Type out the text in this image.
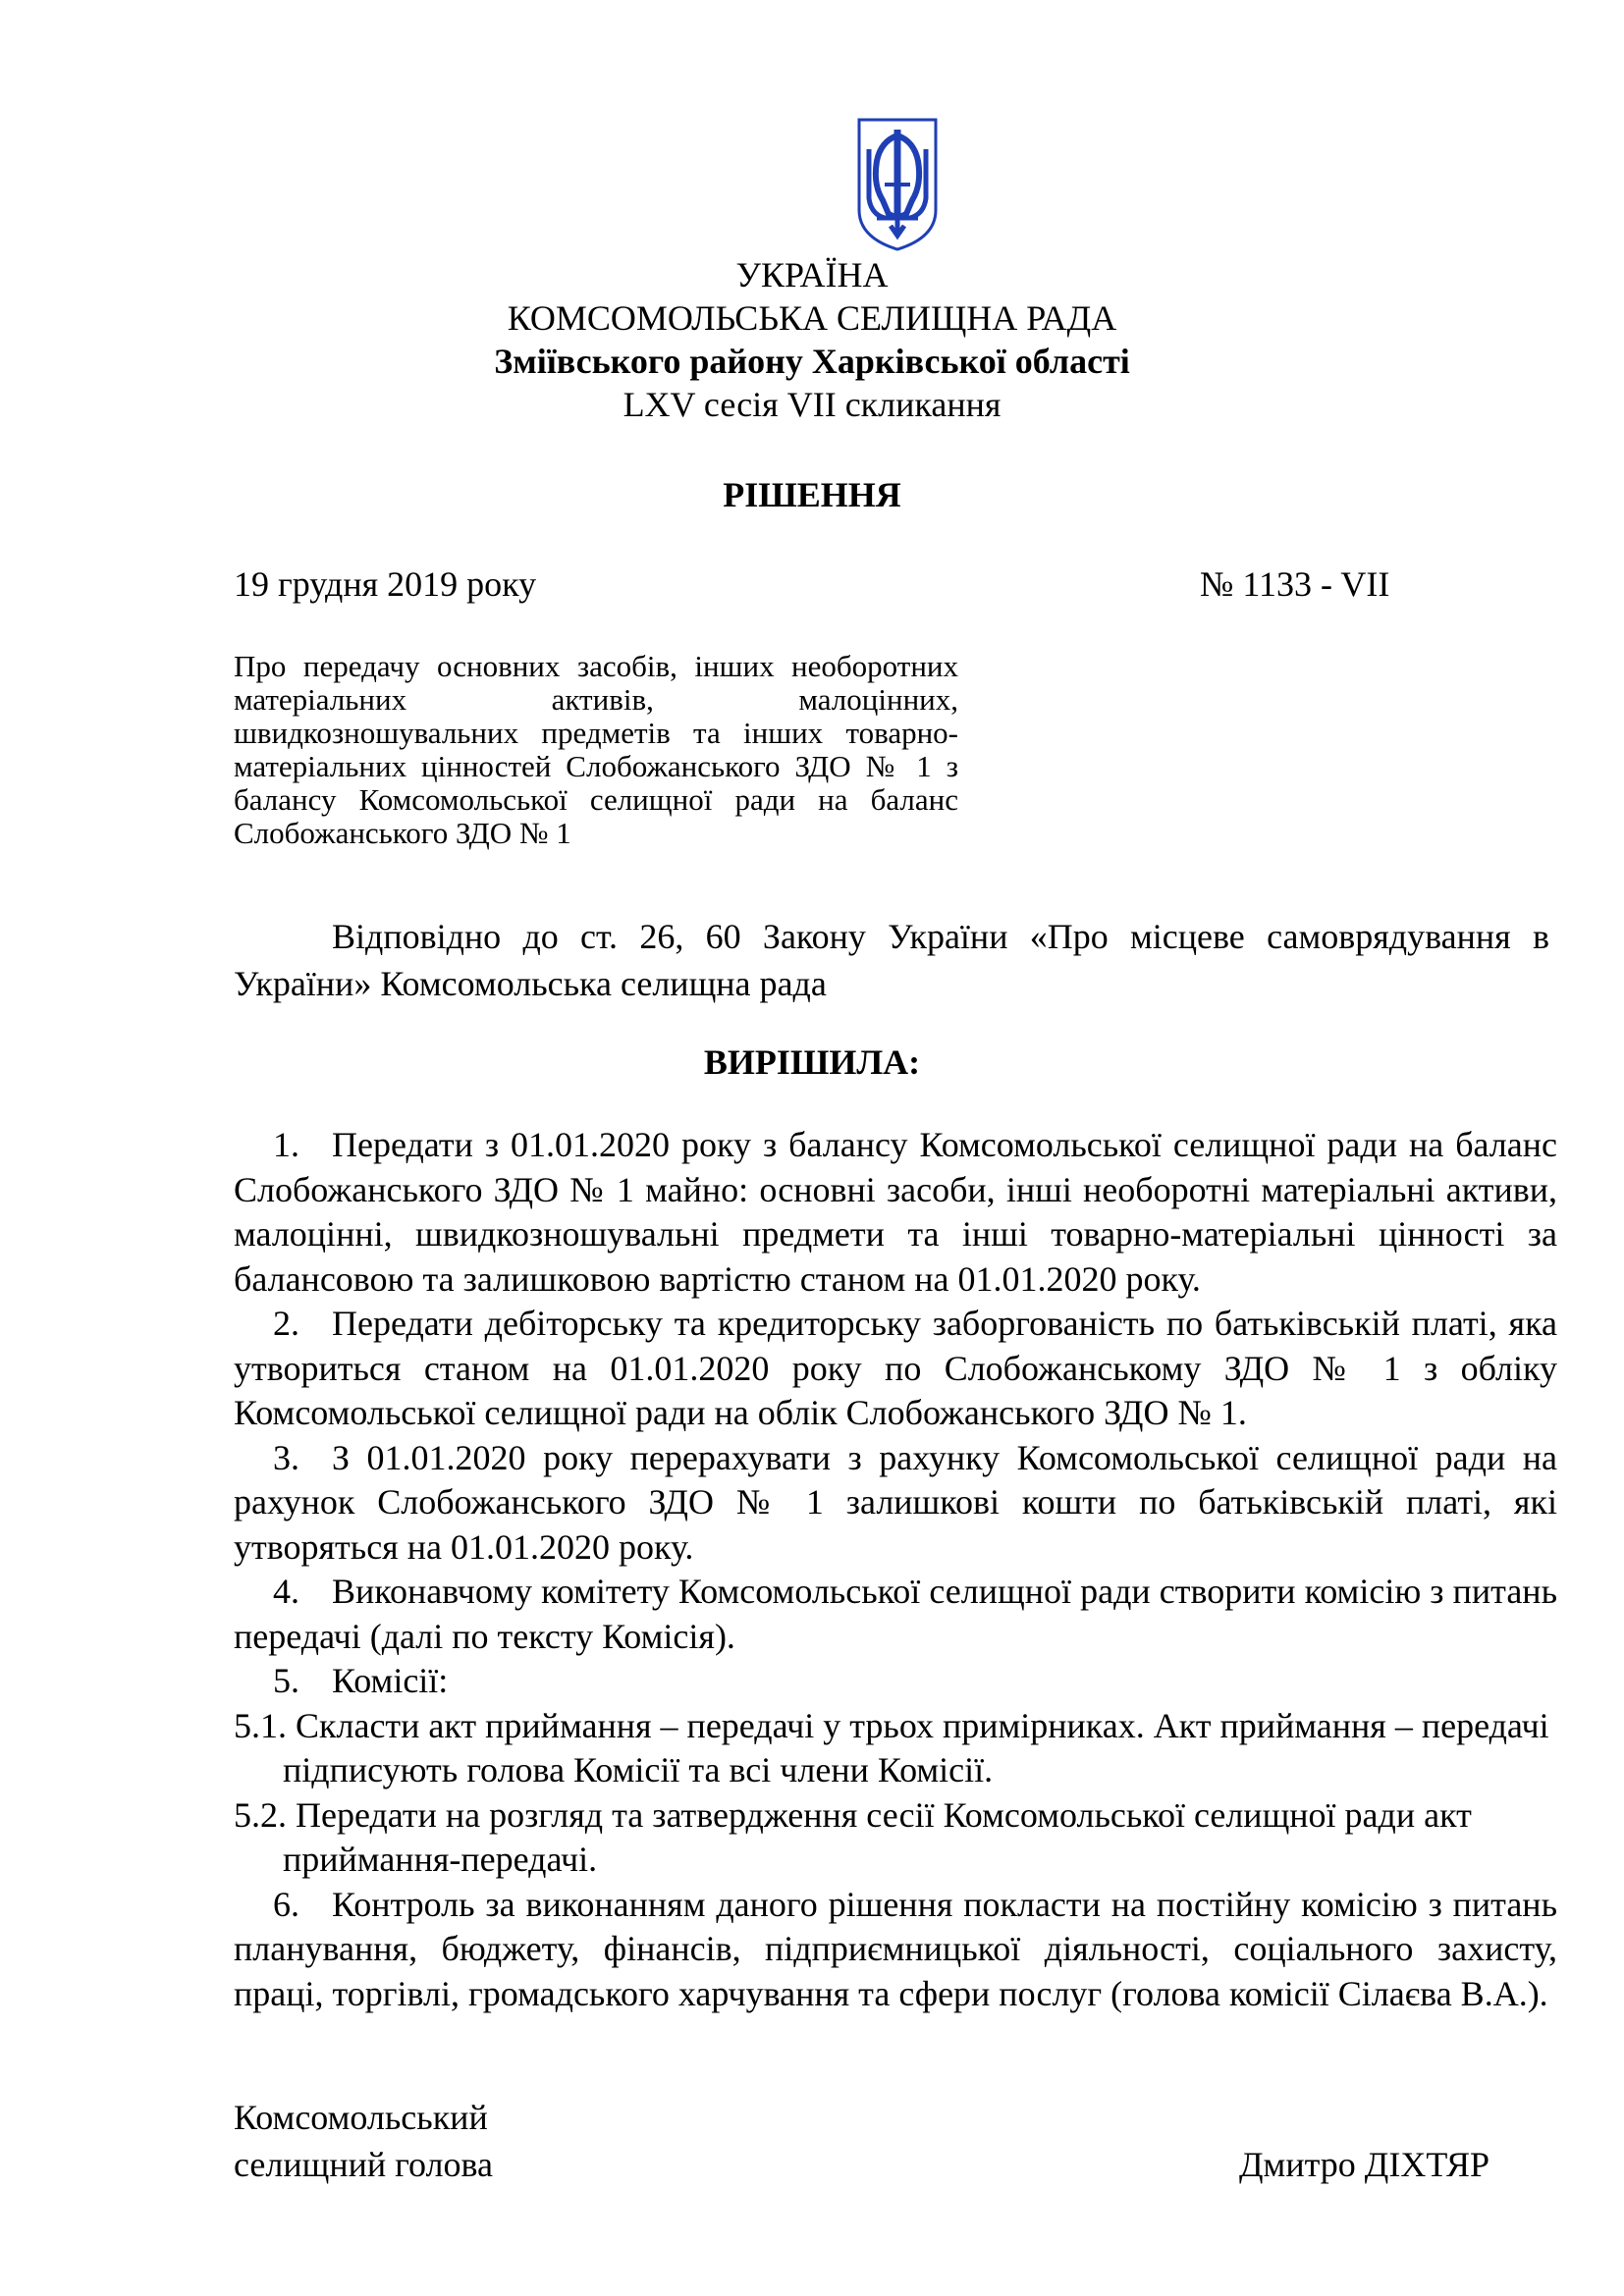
УКРАЇНА
КОМСОМОЛЬСЬКА СЕЛИЩНА РАДА
Зміївського району Харківської області
LXV сесія VII скликання
РІШЕННЯ
19 грудня 2019 року	№ 1133 - VII
Про передачу основних засобів, інших необоротних матеріальних активів, малоцінних, швидкозношувальних предметів та інших товарно-матеріальних цінностей Слобожанського ЗДО № 1 з балансу Комсомольської селищної ради на баланс Слобожанського ЗДО № 1
Відповідно до ст. 26, 60 Закону України «Про місцеве самоврядування в України» Комсомольська селищна рада
ВИРІШИЛА:

1. Передати з 01.01.2020 року з балансу Комсомольської селищної ради на баланс Слобожанського ЗДО № 1 майно: основні засоби, інші необоротні матеріальні активи, малоцінні, швидкозношувальні предмети та інші товарно-матеріальні цінності за балансовою та залишковою вартістю станом на 01.01.2020 року.

2. Передати дебіторську та кредиторську заборгованість по батьківській платі, яка утвориться станом на 01.01.2020 року по Слобожанському ЗДО № 1 з обліку Комсомольської селищної ради на облік Слобожанського ЗДО № 1.

3. З 01.01.2020 року перерахувати з рахунку Комсомольської селищної ради на рахунок Слобожанського ЗДО № 1 залишкові кошти по батьківській платі, які утворяться на 01.01.2020 року.

4. Виконавчому комітету Комсомольської селищної ради створити комісію з питань передачі (далі по тексту Комісія).

5. Комісії:

5.1. Скласти акт приймання – передачі у трьох примірниках. Акт приймання – передачі підписують голова Комісії та всі члени Комісії.

5.2. Передати на розгляд та затвердження сесії Комсомольської селищної ради акт приймання-передачі.

6. Контроль за виконанням даного рішення покласти на постійну комісію з питань планування, бюджету, фінансів, підприємницької діяльності, соціального захисту, праці, торгівлі, громадського харчування та сфери послуг (голова комісії Сілаєва В.А.).

Комсомольський
селищний голова	Дмитро ДІХТЯР
